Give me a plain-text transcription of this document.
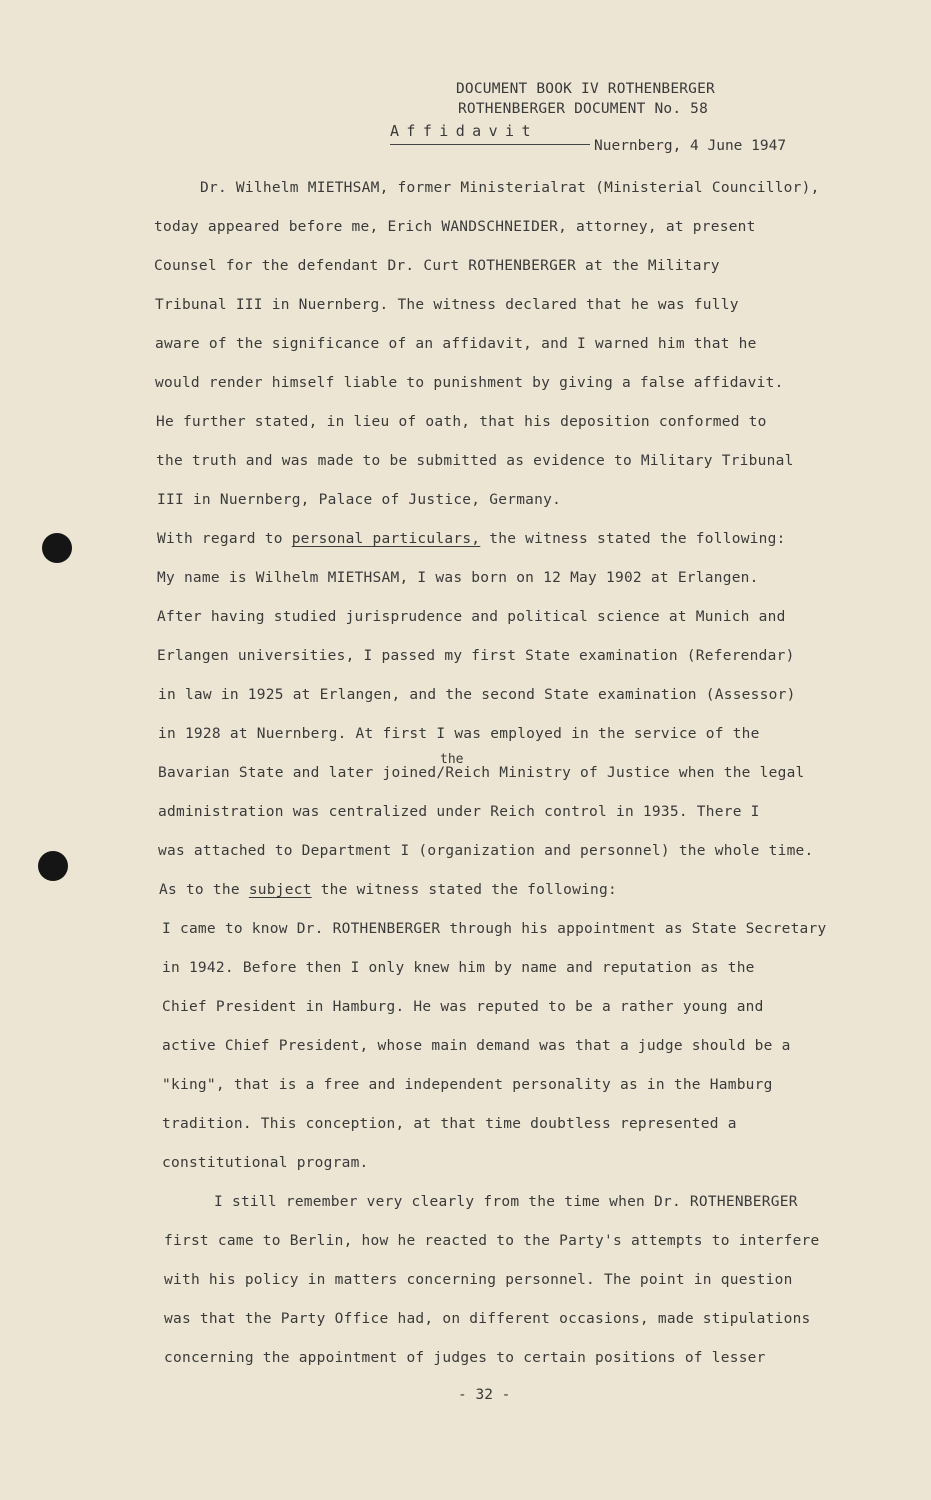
DOCUMENT BOOK IV ROTHENBERGER
ROTHENBERGER DOCUMENT No. 58
Affidavit
Nuernberg, 4 June 1947
Dr. Wilhelm MIETHSAM, former Ministerialrat (Ministerial Councillor),
today appeared before me, Erich WANDSCHNEIDER, attorney, at present
Counsel for the defendant Dr. Curt ROTHENBERGER at the Military
Tribunal III in Nuernberg. The witness declared that he was fully
aware of the significance of an affidavit, and I warned him that he
would render himself liable to punishment by giving a false affidavit.
He further stated, in lieu of oath, that his deposition conformed to
the truth and was made to be submitted as evidence to Military Tribunal
III in Nuernberg, Palace of Justice, Germany.
With regard to personal particulars, the witness stated the following:
My name is Wilhelm MIETHSAM, I was born on 12 May 1902 at Erlangen.
After having studied jurisprudence and political science at Munich and
Erlangen universities, I passed my first State examination (Referendar)
in law in 1925 at Erlangen, and the second State examination (Assessor)
in 1928 at Nuernberg. At first I was employed in the service of the
the
Bavarian State and later joined/Reich Ministry of Justice when the legal
administration was centralized under Reich control in 1935. There I
was attached to Department I (organization and personnel) the whole time.
As to the subject the witness stated the following:
I came to know Dr. ROTHENBERGER through his appointment as State Secretary
in 1942. Before then I only knew him by name and reputation as the
Chief President in Hamburg. He was reputed to be a rather young and
active Chief President, whose main demand was that a judge should be a
"king", that is a free and independent personality as in the Hamburg
tradition. This conception, at that time doubtless represented a
constitutional program.
I still remember very clearly from the time when Dr. ROTHENBERGER
first came to Berlin, how he reacted to the Party's attempts to interfere
with his policy in matters concerning personnel. The point in question
was that the Party Office had, on different occasions, made stipulations
concerning the appointment of judges to certain positions of lesser
- 32 -
